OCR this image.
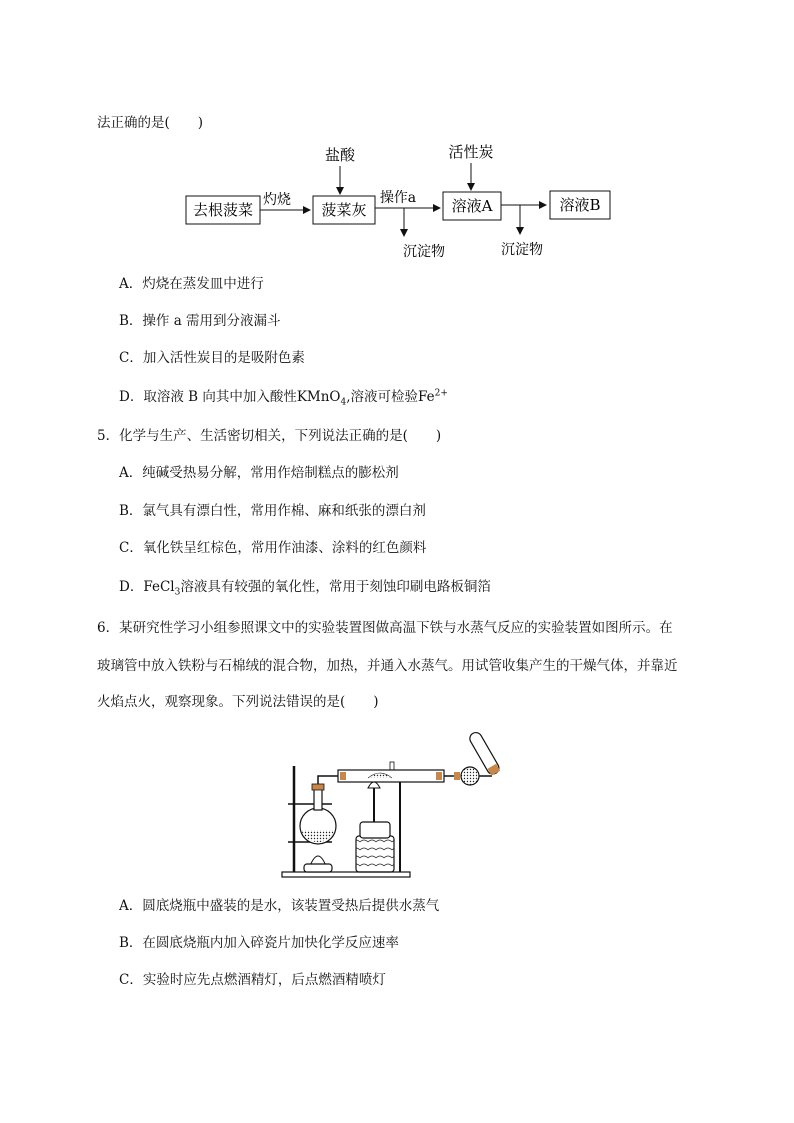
法正确的是( )
去根菠菜
灼烧
菠菜灰
盐酸
操作a
沉淀物
溶液A
活性炭
沉淀物
溶液B
A．灼烧在蒸发皿中进行
B．操作 a 需用到分液漏斗
C．加入活性炭目的是吸附色素
D．取溶液 B 向其中加入酸性KMnO$_4$,溶液可检验$Fe^{2+}$
5．化学与生产、生活密切相关，下列说法正确的是( )
A．纯碱受热易分解，常用作焙制糕点的膨松剂
B．氯气具有漂白性，常用作棉、麻和纸张的漂白剂
C．氧化铁呈红棕色，常用作油漆、涂料的红色颜料
D．FeCl$_3$溶液具有较强的氧化性，常用于刻蚀印刷电路板铜箔
6．某研究性学习小组参照课文中的实验装置图做高温下铁与水蒸气反应的实验装置如图所示。在
玻璃管中放入铁粉与石棉绒的混合物，加热，并通入水蒸气。用试管收集产生的干燥气体，并靠近
火焰点火，观察现象。下列说法错误的是( )
A．圆底烧瓶中盛装的是水，该装置受热后提供水蒸气
B．在圆底烧瓶内加入碎瓷片加快化学反应速率
C．实验时应先点燃酒精灯，后点燃酒精喷灯
